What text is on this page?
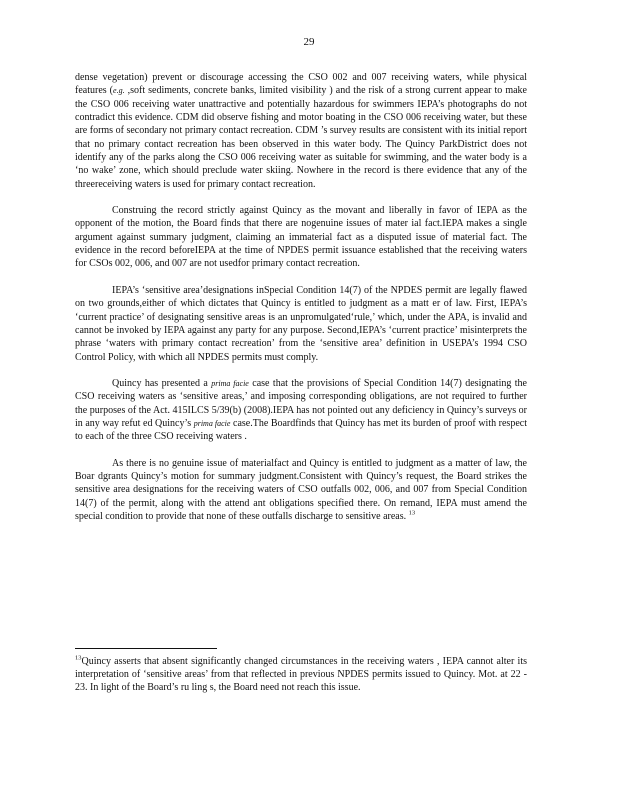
29

dense vegetation) prevent or discourage accessing the CSO 002 and 007 receiving waters, while physical features (e.g. ,soft sediments, concrete banks, limited visibility ) and the risk of a strong current appear to make the CSO 006 receiving water unattractive and potentially hazardous for swimmers IEPA’s photographs do not contradict this evidence. CDM did observe fishing and motor boating in the CSO 006 receiving water, but these are forms of secondary not primary contact recreation. CDM ’s survey results are consistent with its initial report that no primary contact recreation has been observed in this water body. The Quincy ParkDistrict does not identify any of the parks along the CSO 006 receiving water as suitable for swimming, and the water body is a ‘no wake’ zone, which should preclude water skiing. Nowhere in the record is there evidence that any of the threereceiving waters is used for primary contact recreation.

Construing the record strictly against Quincy as the movant and liberally in favor of IEPA as the opponent of the motion, the Board finds that there are nogenuine issues of mater ial fact.IEPA makes a single argument against summary judgment, claiming an immaterial fact as a disputed issue of material fact. The evidence in the record beforeIEPA at the time of NPDES permit issuance established that the receiving waters for CSOs 002, 006, and 007 are not usedfor primary contact recreation.

IEPA’s ‘sensitive area’designations inSpecial Condition 14(7) of the NPDES permit are legally flawed on two grounds,either of which dictates that Quincy is entitled to judgment as a matt er of law. First, IEPA’s ‘current practice’ of designating sensitive areas is an unpromulgated‘rule,’ which, under the APA, is invalid and cannot be invoked by IEPA against any party for any purpose. Second,IEPA’s ‘current practice’ misinterprets the phrase ‘waters with primary contact recreation’ from the ‘sensitive area’ definition in USEPA’s 1994 CSO Control Policy, with which all NPDES permits must comply.

Quincy has presented a prima facie case that the provisions of Special Condition 14(7) designating the CSO receiving waters as ‘sensitive areas,’ and imposing corresponding obligations, are not required to further the purposes of the Act. 415ILCS 5/39(b) (2008).IEPA has not pointed out any deficiency in Quincy’s surveys or in any way refut ed Quincy’s prima facie case.The Boardfinds that Quincy has met its burden of proof with respect to each of the three CSO receiving waters .

As there is no genuine issue of materialfact and Quincy is entitled to judgment as a matter of law, the Boar dgrants Quincy’s motion for summary judgment.Consistent with Quincy’s request, the Board strikes the sensitive area designations for the receiving waters of CSO outfalls 002, 006, and 007 from Special Condition 14(7) of the permit, along with the attend ant obligations specified there. On remand, IEPA must amend the special condition to provide that none of these outfalls discharge to sensitive areas. $^{13}$

$^{13}$Quincy asserts that absent significantly changed circumstances in the receiving waters , IEPA cannot alter its interpretation of ‘sensitive areas’ from that reflected in previous NPDES permits issued to Quincy. Mot. at 22 - 23. In light of the Board’s ru ling s, the Board need not reach this issue.
